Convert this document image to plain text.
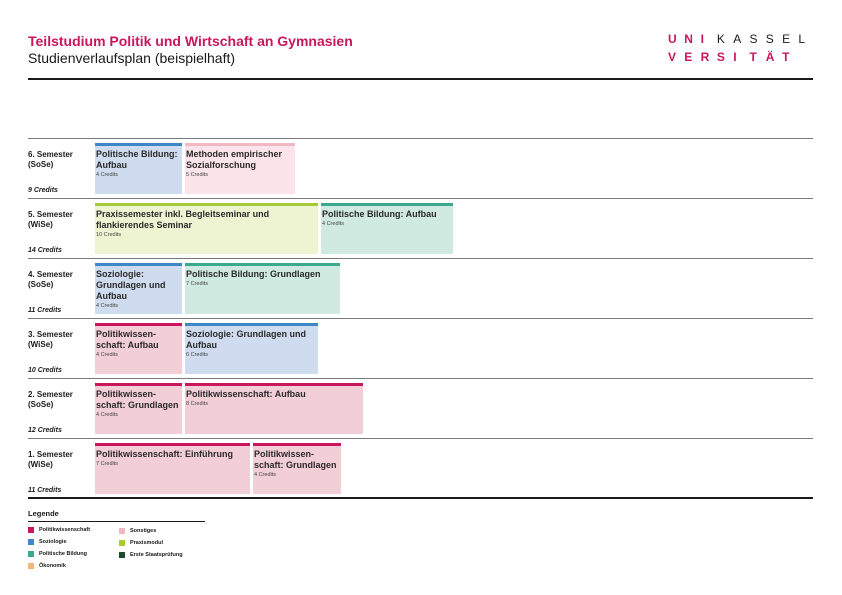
Teilstudium Politik und Wirtschaft an Gymnasien
Studienverlaufsplan (beispielhaft)
U N I	K A S S E L
V E R S I	T Ä T
6. Semester
(SoSe)
9 Credits
Politische Bildung: Aufbau
4 Credits
Methoden empirischer Sozialforschung
5 Credits
5. Semester
(WiSe)
14 Credits
Praxissemester inkl. Begleitseminar und flankierendes Seminar
10 Credits
Politische Bildung: Aufbau
4 Credits
4. Semester
(SoSe)
11 Credits
Soziologie: Grundlagen und Aufbau
4 Credits
Politische Bildung: Grundlagen
7 Credits
3. Semester
(WiSe)
10 Credits
Politikwissen-schaft: Aufbau
4 Credits
Soziologie: Grundlagen und Aufbau
6 Credits
2. Semester
(SoSe)
12 Credits
Politikwissen-schaft: Grundlagen
4 Credits
Politikwissenschaft: Aufbau
8 Credits
1. Semester
(WiSe)
11 Credits
Politikwissenschaft: Einführung
7 Credits
Politikwissen-schaft: Grundlagen
4 Credits
Legende
Politikwissenschaft
Soziologie
Politische Bildung
Ökonomik
Sonstiges
Praxismodul
Erste Staatsprüfung
